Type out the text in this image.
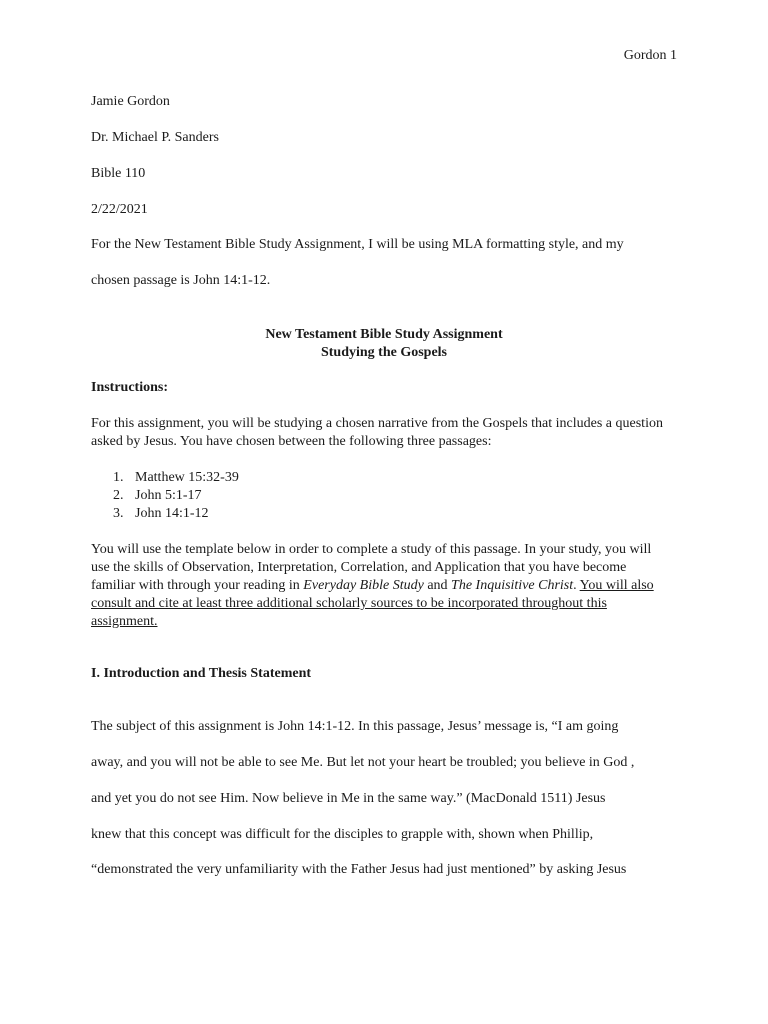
Gordon 1
Jamie Gordon
Dr. Michael P. Sanders
Bible 110
2/22/2021
For the New Testament Bible Study Assignment, I will be using MLA formatting style, and my
chosen passage is John 14:1-12.
New Testament Bible Study Assignment
Studying the Gospels
Instructions:
For this assignment, you will be studying a chosen narrative from the Gospels that includes a question asked by Jesus. You have chosen between the following three passages:
1. Matthew 15:32-39
2. John 5:1-17
3. John 14:1-12
You will use the template below in order to complete a study of this passage. In your study, you will use the skills of Observation, Interpretation, Correlation, and Application that you have become familiar with through your reading in Everyday Bible Study and The Inquisitive Christ. You will also consult and cite at least three additional scholarly sources to be incorporated throughout this assignment.
I. Introduction and Thesis Statement
The subject of this assignment is John 14:1-12. In this passage, Jesus’ message is, “I am going
away, and you will not be able to see Me. But let not your heart be troubled; you believe in God ,
and yet you do not see Him. Now believe in Me in the same way.” (MacDonald 1511) Jesus
knew that this concept was difficult for the disciples to grapple with, shown when Phillip,
“demonstrated the very unfamiliarity with the Father Jesus had just mentioned” by asking Jesus
